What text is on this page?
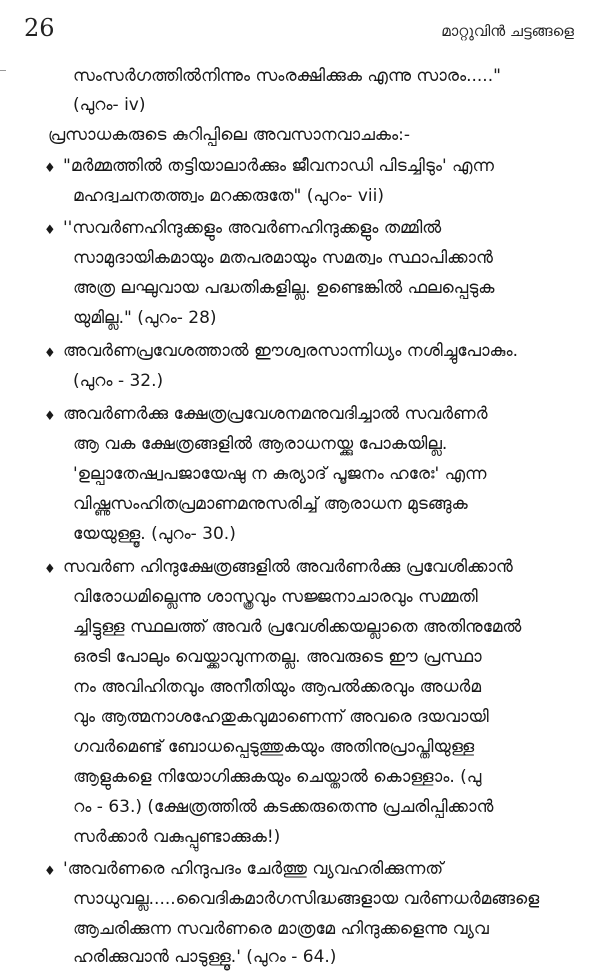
26	മാറ്റുവിൻ ചട്ടങ്ങളെ
സംസർഗത്തിൽനിന്നും സംരക്ഷിക്കുക എന്നു സാരം....."
(പുറം- iv)
പ്രസാധകരുടെ കുറിപ്പിലെ അവസാനവാചകം:-
♦ "മർമ്മത്തിൽ തട്ടിയാലാർക്കും ജീവനാഡി പിടച്ചിടും' എന്ന
മഹദ്വചനതത്ത്വം മറക്കരുതേ" (പുറം- vii)
♦ ''സവർണഹിന്ദുക്കളും അവർണഹിന്ദുക്കളും തമ്മിൽ
സാമുദായികമായും മതപരമായും സമത്വം സ്ഥാപിക്കാൻ
അത്ര ലഘുവായ പദ്ധതികളില്ല. ഉണ്ടെങ്കിൽ ഫലപ്പെടുക
യുമില്ല." (പുറം- 28)
♦ അവർണപ്രവേശത്താൽ ഈശ്വരസാന്നിധ്യം നശിച്ചുപോകും.
(പുറം - 32.)
♦ അവർണർക്കു ക്ഷേത്രപ്രവേശനമനുവദിച്ചാൽ സവർണർ
ആ വക ക്ഷേത്രങ്ങളിൽ ആരാധനയ്ക്കു പോകയില്ല.
'ഉല്പാതേഷ്വപജായേഷു ന കുര്യാദ് പൂജനം ഹരേഃ' എന്ന
വിഷ്ണുസംഹിതപ്രമാണമനുസരിച്ച് ആരാധന മുടങ്ങുക
യേയുള്ളൂ. (പുറം- 30.)
♦ സവർണ ഹിന്ദുക്ഷേത്രങ്ങളിൽ അവർണർക്കു പ്രവേശിക്കാൻ
വിരോധമില്ലെന്നു ശാസ്ത്രവും സജ്ജനാചാരവും സമ്മതി
ച്ചിട്ടുള്ള സ്ഥലത്ത് അവർ പ്രവേശിക്കയല്ലാതെ അതിനുമേൽ
ഒരടി പോലും വെയ്ക്കാവുന്നതല്ല. അവരുടെ ഈ പ്രസ്ഥാ
നം അവിഹിതവും അനീതിയും ആപൽക്കരവും അധർമ
വും ആത്മനാശഹേതുകവുമാണെന്ന് അവരെ ദയവായി
ഗവർമെണ്ട് ബോധപ്പെടുത്തുകയും അതിനുപ്രാപ്തിയുള്ള
ആളുകളെ നിയോഗിക്കുകയും ചെയ്താൽ കൊള്ളാം. (പു
റം - 63.) (ക്ഷേത്രത്തിൽ കടക്കരുതെന്നു പ്രചരിപ്പിക്കാൻ
സർക്കാർ വകുപ്പുണ്ടാക്കുക!)
♦ 'അവർണരെ ഹിന്ദുപദം ചേർത്തു വ്യവഹരിക്കുന്നത്
സാധുവല്ല.....വൈദികമാർഗസിദ്ധങ്ങളായ വർണധർമങ്ങളെ
ആചരിക്കുന്ന സവർണരെ മാത്രമേ ഹിന്ദുക്കളെന്നു വ്യവ
ഹരിക്കുവാൻ പാടുള്ളൂ.' (പുറം - 64.)
